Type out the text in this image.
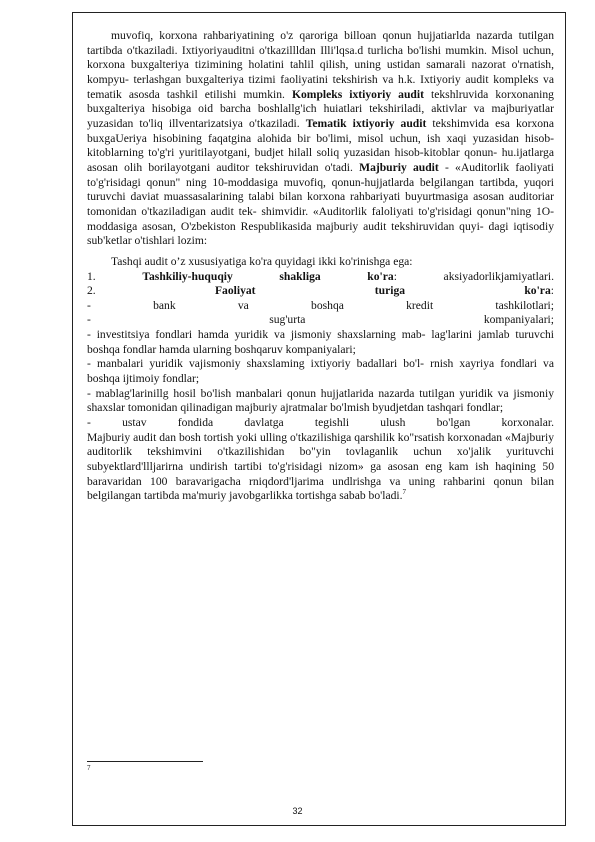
muvofiq, korxona rahbariyatining o'z qaroriga billoan qonun hujjatiarlda nazarda tutilgan tartibda o'tkaziladi. Ixtiyoriyauditni o'tkazillldan Illi'lqsa.d turlicha bo'lishi mumkin. Misol uchun, korxona buxgalteriya tizimining holatini tahlil qilish, uning ustidan samarali nazorat o'rnatish, kompyu- terlashgan buxgalteriya tizimi faoliyatini tekshirish va h.k. Ixtiyoriy audit kompleks va tematik asosda tashkil etilishi mumkin. Kompleks ixtiyoriy audit tekshlruvida korxonaning buxgalteriya hisobiga oid barcha boshlallg'ich huiatlari tekshiriladi, aktivlar va majburiyatlar yuzasidan to'liq illventarizatsiya o'tkaziladi. Tematik ixtiyoriy audit tekshimvida esa korxona buxgaUeriya hisobining faqatgina alohida bir bo'limi, misol uchun, ish xaqi yuzasidan hisob-kitoblarning to'g'ri yuritilayotgani, budjet hilall soliq yuzasidan hisob-kitoblar qonun- hu.ijatlarga asosan olih borilayotgani auditor tekshiruvidan o'tadi. Majburiy audit - «Auditorlik faoliyati to'g'risidagi qonun" ning 10-moddasiga muvofiq, qonun-hujjatlarda belgilangan tartibda, yuqori turuvchi daviat muassasalarining talabi bilan korxona rahbariyati buyurtmasiga asosan auditoriar tomonidan o'tkaziladigan audit tek- shimvidir. «Auditorlik faloliyati to'g'risidagi qonun"ning 1O-moddasiga asosan, O'zbekiston Respublikasida majburiy audit tekshiruvidan quyi- dagi iqtisodiy sub'ketlar o'tishlari lozim:

Tashqi audit o’z xususiyatiga ko'ra quyidagi ikki ko'rinishga ega:

1.	Tashkiliy-huquqiy shakliga ko'ra: aksiyadorlikjamiyatlari.

2.	Faoliyat turiga ko'ra:

- bank va boshqa kredit tashkilotlari;

- sug'urta kompaniyalari;

- investitsiya fondlari hamda yuridik va jismoniy shaxslarning mab- lag'larini jamlab turuvchi boshqa fondlar hamda ularning boshqaruv kompaniyalari;

- manbalari yuridik vajismoniy shaxslaming ixtiyoriy badallari bo'l- rnish xayriya fondlari va boshqa ijtimoiy fondlar;

- mablag'larinillg hosil bo'lish manbalari qonun hujjatlarida nazarda tutilgan yuridik va jismoniy shaxslar tomonidan qilinadigan majburiy ajratmalar bo'lmish byudjetdan tashqari fondlar;

- ustav fondida davlatga tegishli ulush bo'lgan korxonalar.

Majburiy audit dan bosh tortish yoki ulling o'tkazilishiga qarshilik ko"rsatish korxonadan «Majburiy auditorlik tekshimvini o'tkazilishidan bo"yin tovlaganlik uchun xo'jalik yurituvchi subyektlard'llljarirna undirish tartibi to'g'risidagi nizom» ga asosan eng kam ish haqining 50 baravaridan 100 baravarigacha rniqdord'ljarima undlrishga va uning rahbarini qonun bilan belgilangan tartibda ma'muriy javobgarlikka tortishga sabab bo'ladi.$^7$

7
32
